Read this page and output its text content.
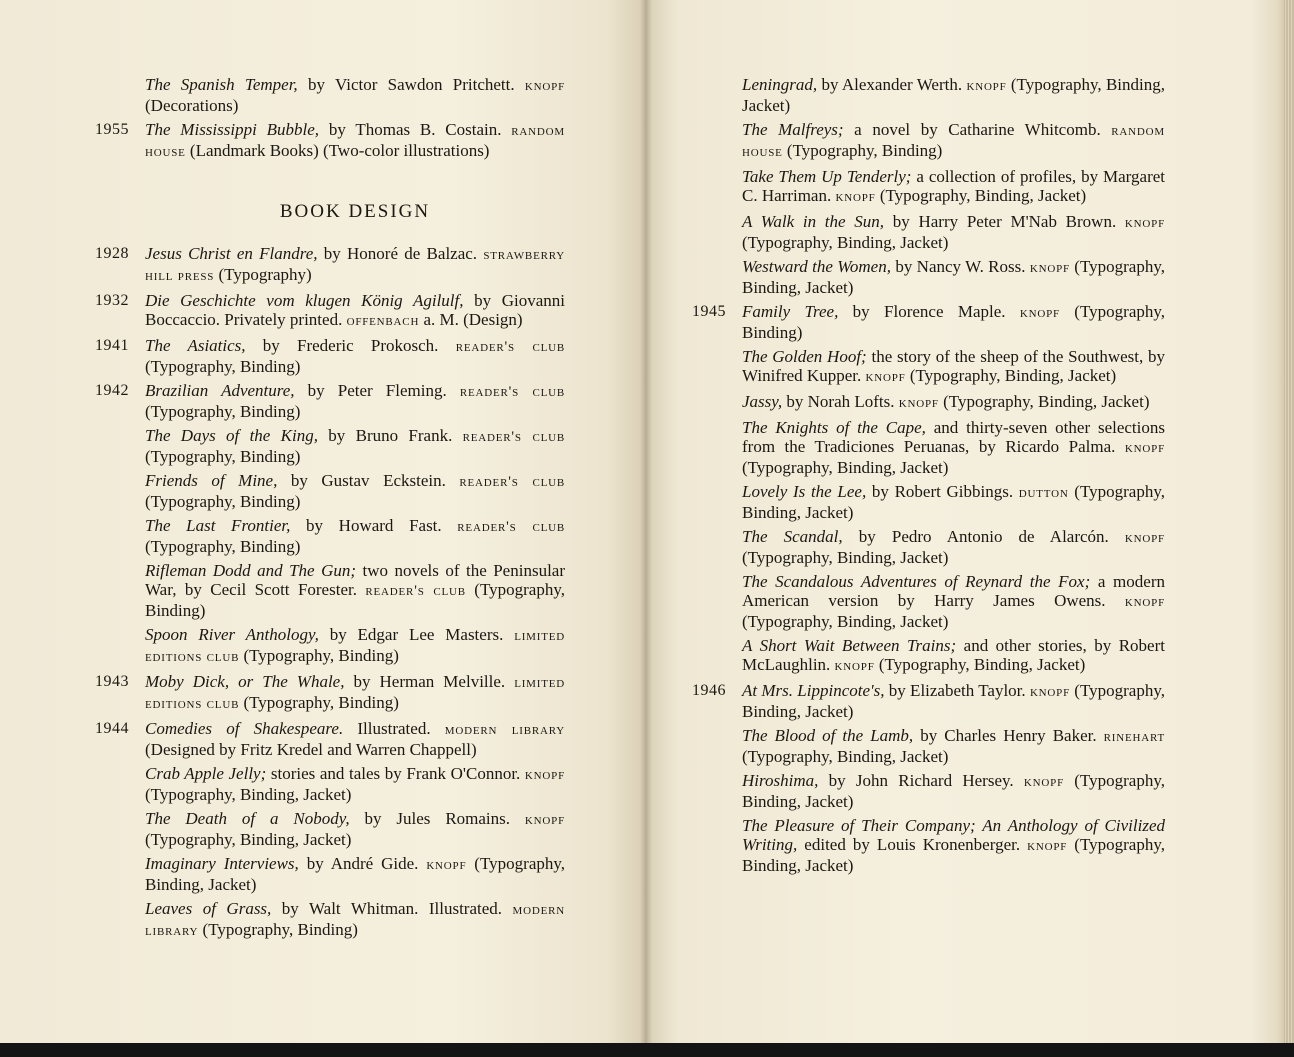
The Spanish Temper, by Victor Sawdon Pritchett. knopf (Decorations)
1955 The Mississippi Bubble, by Thomas B. Costain. random house (Landmark Books) (Two-color illustrations)
BOOK DESIGN
1928 Jesus Christ en Flandre, by Honoré de Balzac. strawberry hill press (Typography)
1932 Die Geschichte vom klugen König Agilulf, by Giovanni Boccaccio. Privately printed. offenbach a. M. (Design)
1941 The Asiatics, by Frederic Prokosch. reader's club (Typography, Binding)
1942 Brazilian Adventure, by Peter Fleming. reader's club (Typography, Binding)
The Days of the King, by Bruno Frank. reader's club (Typography, Binding)
Friends of Mine, by Gustav Eckstein. reader's club (Typography, Binding)
The Last Frontier, by Howard Fast. reader's club (Typography, Binding)
Rifleman Dodd and The Gun; two novels of the Peninsular War, by Cecil Scott Forester. reader's club (Typography, Binding)
Spoon River Anthology, by Edgar Lee Masters. limited editions club (Typography, Binding)
1943 Moby Dick, or The Whale, by Herman Melville. limited editions club (Typography, Binding)
1944 Comedies of Shakespeare. Illustrated. modern library (Designed by Fritz Kredel and Warren Chappell)
Crab Apple Jelly; stories and tales by Frank O'Connor. knopf (Typography, Binding, Jacket)
The Death of a Nobody, by Jules Romains. knopf (Typography, Binding, Jacket)
Imaginary Interviews, by André Gide. knopf (Typography, Binding, Jacket)
Leaves of Grass, by Walt Whitman. Illustrated. modern library (Typography, Binding)
Leningrad, by Alexander Werth. knopf (Typography, Binding, Jacket)
The Malfreys; a novel by Catharine Whitcomb. random house (Typography, Binding)
Take Them Up Tenderly; a collection of profiles, by Margaret C. Harriman. knopf (Typography, Binding, Jacket)
A Walk in the Sun, by Harry Peter M'Nab Brown. knopf (Typography, Binding, Jacket)
Westward the Women, by Nancy W. Ross. knopf (Typography, Binding, Jacket)
1945 Family Tree, by Florence Maple. knopf (Typography, Binding)
The Golden Hoof; the story of the sheep of the Southwest, by Winifred Kupper. knopf (Typography, Binding, Jacket)
Jassy, by Norah Lofts. knopf (Typography, Binding, Jacket)
The Knights of the Cape, and thirty-seven other selections from the Tradiciones Peruanas, by Ricardo Palma. knopf (Typography, Binding, Jacket)
Lovely Is the Lee, by Robert Gibbings. dutton (Typography, Binding, Jacket)
The Scandal, by Pedro Antonio de Alarcón. knopf (Typography, Binding, Jacket)
The Scandalous Adventures of Reynard the Fox; a modern American version by Harry James Owens. knopf (Typography, Binding, Jacket)
A Short Wait Between Trains; and other stories, by Robert McLaughlin. knopf (Typography, Binding, Jacket)
1946 At Mrs. Lippincote's, by Elizabeth Taylor. knopf (Typography, Binding, Jacket)
The Blood of the Lamb, by Charles Henry Baker. rinehart (Typography, Binding, Jacket)
Hiroshima, by John Richard Hersey. knopf (Typography, Binding, Jacket)
The Pleasure of Their Company; An Anthology of Civilized Writing, edited by Louis Kronenberger. knopf (Typography, Binding, Jacket)
